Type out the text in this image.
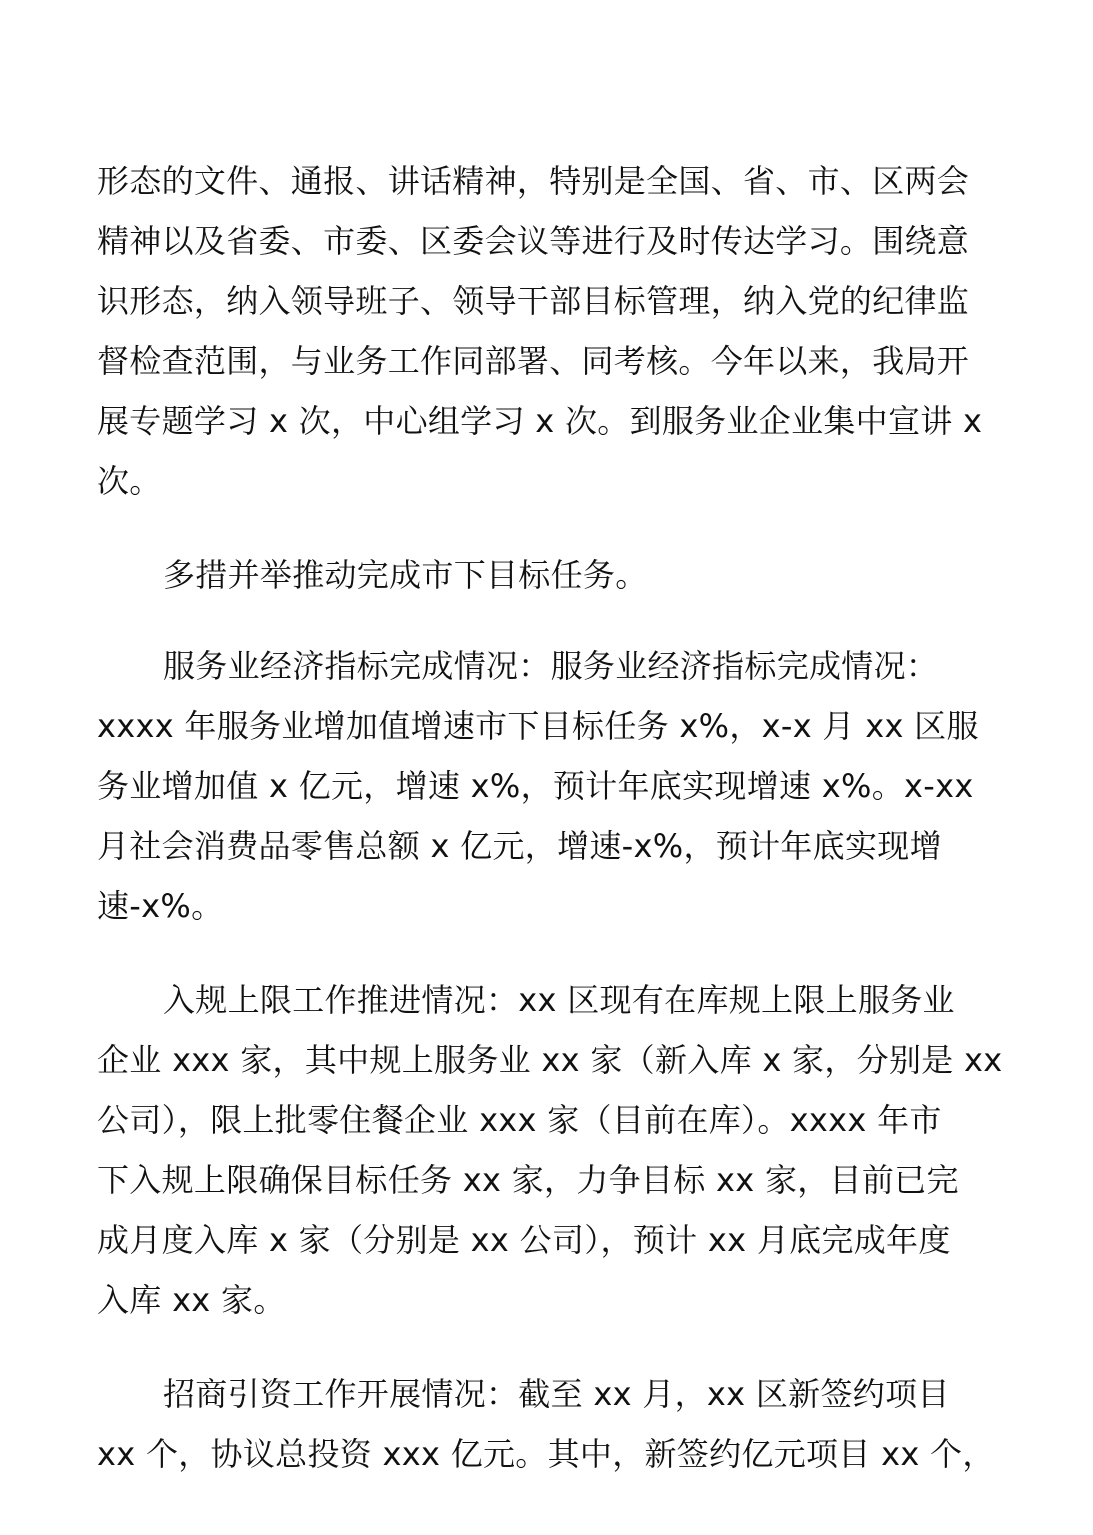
形态的文件、通报、讲话精神，特别是全国、省、市、区两会
精神以及省委、市委、区委会议等进行及时传达学习。围绕意
识形态，纳入领导班子、领导干部目标管理，纳入党的纪律监
督检查范围，与业务工作同部署、同考核。今年以来，我局开
展专题学习 x 次，中心组学习 x 次。到服务业企业集中宣讲 x
次。
多措并举推动完成市下目标任务。
服务业经济指标完成情况：服务业经济指标完成情况：
xxxx 年服务业增加值增速市下目标任务 x%，x-x 月 xx 区服
务业增加值 x 亿元，增速 x%，预计年底实现增速 x%。x-xx
月社会消费品零售总额 x 亿元，增速-x%，预计年底实现增
速-x%。
入规上限工作推进情况：xx 区现有在库规上限上服务业
企业 xxx 家，其中规上服务业 xx 家（新入库 x 家，分别是 xx
公司），限上批零住餐企业 xxx 家（目前在库）。xxxx 年市
下入规上限确保目标任务 xx 家，力争目标 xx 家，目前已完
成月度入库 x 家（分别是 xx 公司），预计 xx 月底完成年度
入库 xx 家。
招商引资工作开展情况：截至 xx 月，xx 区新签约项目
xx 个，协议总投资 xxx 亿元。其中，新签约亿元项目 xx 个，
